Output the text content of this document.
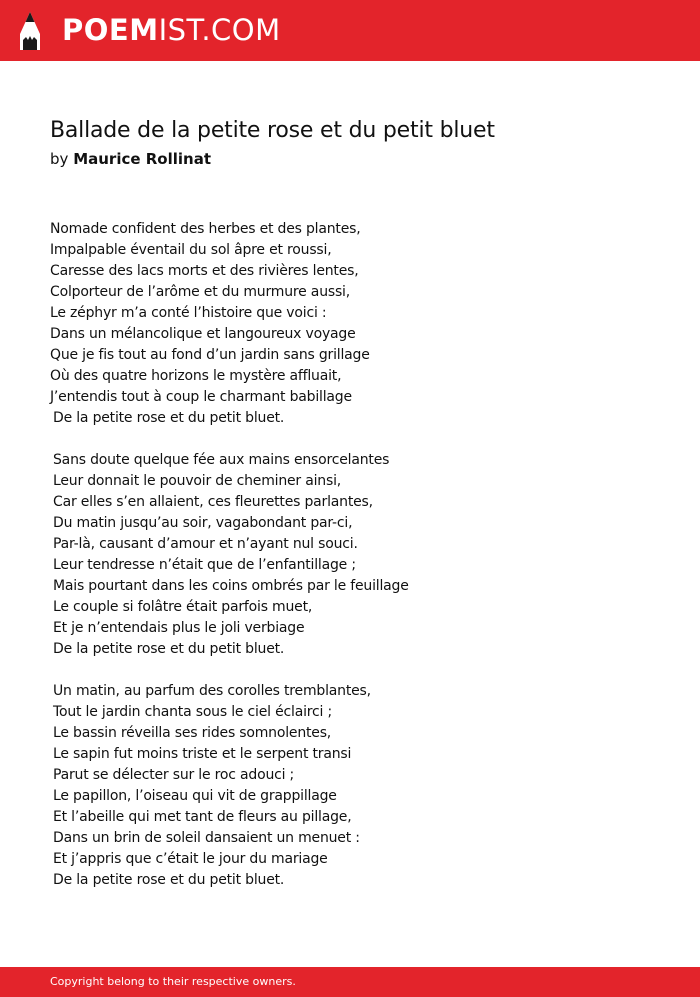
POEMIST.COM
Ballade de la petite rose et du petit bluet
by Maurice Rollinat
Nomade confident des herbes et des plantes,
Impalpable éventail du sol âpre et roussi,
Caresse des lacs morts et des rivières lentes,
Colporteur de l’arôme et du murmure aussi,
Le zéphyr m’a conté l’histoire que voici :
Dans un mélancolique et langoureux voyage
Que je fis tout au fond d’un jardin sans grillage
Où des quatre horizons le mystère affluait,
J’entendis tout à coup le charmant babillage
De la petite rose et du petit bluet.
Sans doute quelque fée aux mains ensorcelantes
Leur donnait le pouvoir de cheminer ainsi,
Car elles s’en allaient, ces fleurettes parlantes,
Du matin jusqu’au soir, vagabondant par-ci,
Par-là, causant d’amour et n’ayant nul souci.
Leur tendresse n’était que de l’enfantillage ;
Mais pourtant dans les coins ombrés par le feuillage
Le couple si folâtre était parfois muet,
Et je n’entendais plus le joli verbiage
De la petite rose et du petit bluet.
Un matin, au parfum des corolles tremblantes,
Tout le jardin chanta sous le ciel éclairci ;
Le bassin réveilla ses rides somnolentes,
Le sapin fut moins triste et le serpent transi
Parut se délecter sur le roc adouci ;
Le papillon, l’oiseau qui vit de grappillage
Et l’abeille qui met tant de fleurs au pillage,
Dans un brin de soleil dansaient un menuet :
Et j’appris que c’était le jour du mariage
De la petite rose et du petit bluet.
Copyright belong to their respective owners.
